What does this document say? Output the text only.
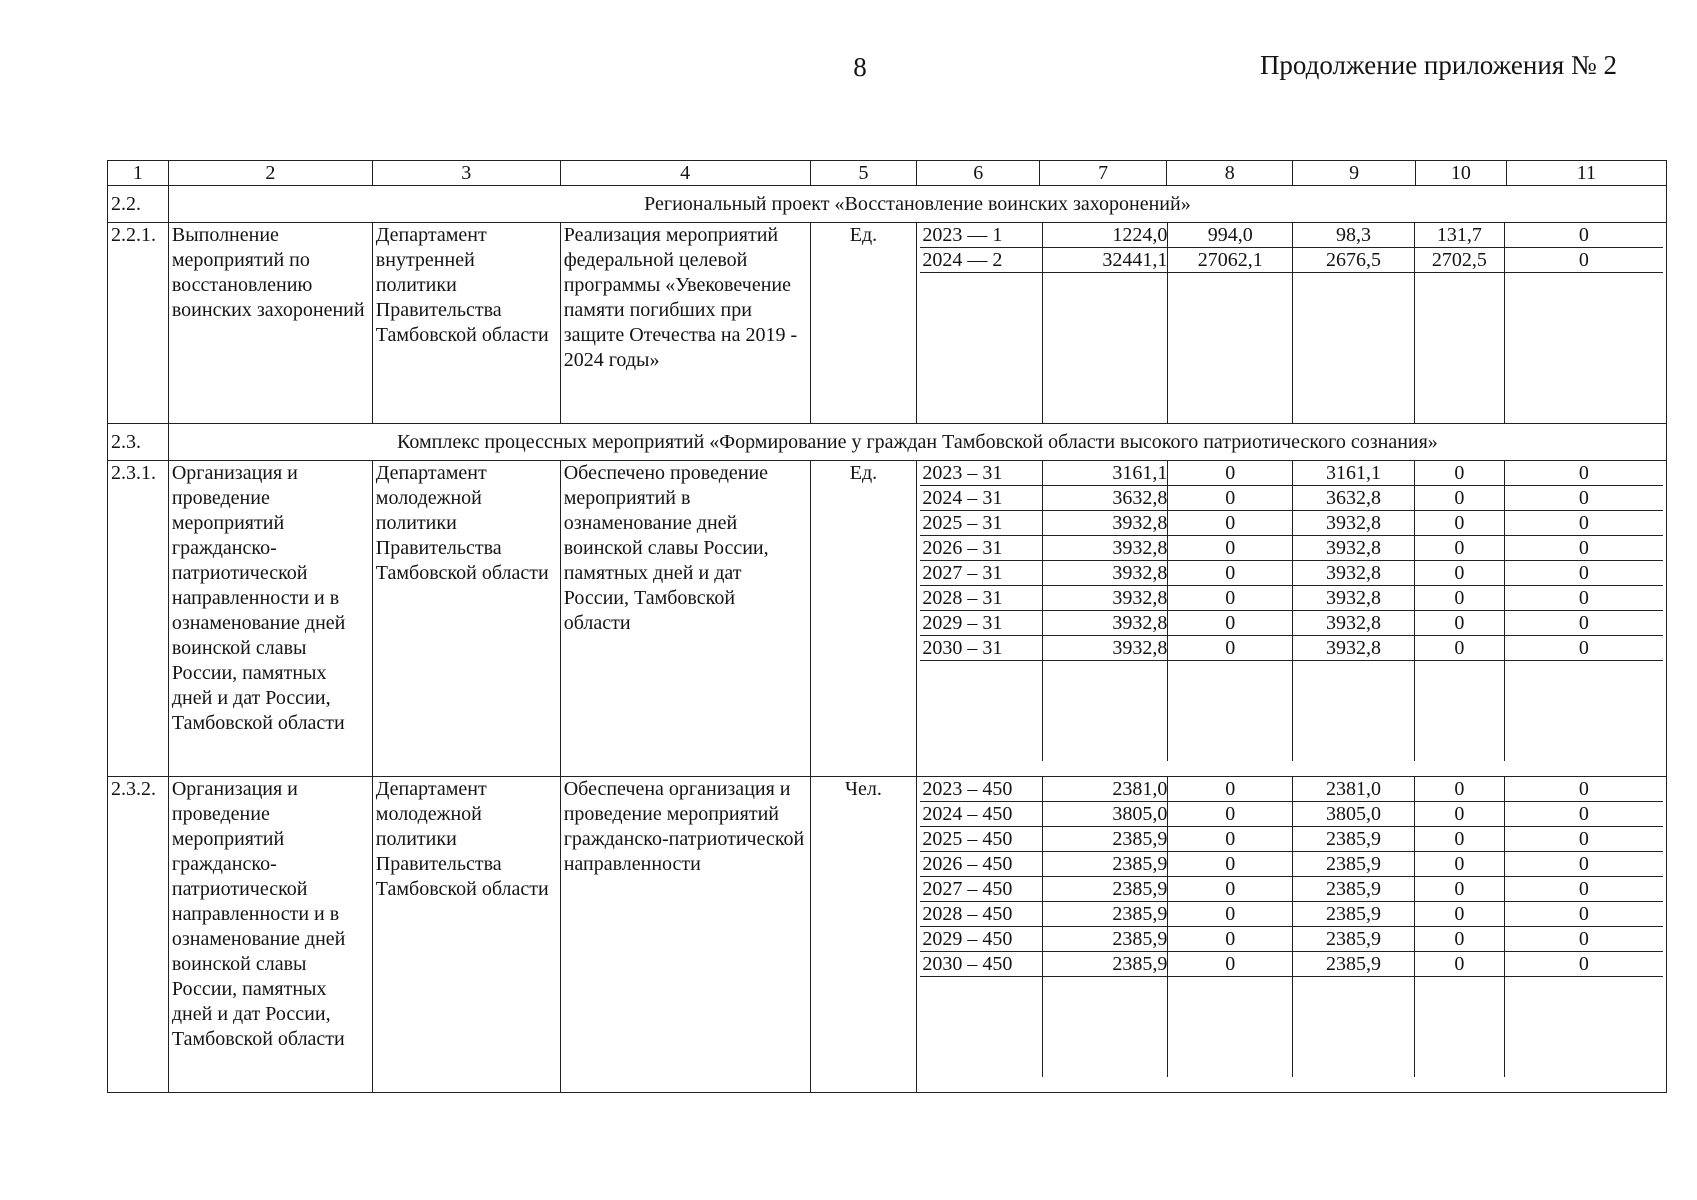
8	Продолжение приложения № 2
1	2	3	4	5	6	7	8	9	10	11
2.2.	Региональный проект «Восстановление воинских захоронений»
2.2.1.	Выполнение мероприятий по восстановлению воинских захоронений	Департамент внутренней политики Правительства Тамбовской области	Реализация мероприятий федеральной целевой программы «Увековечение памяти погибших при защите Отечества на 2019 - 2024 годы»	Ед.	2023 — 1	1224,0	994,0	98,3	131,7	0
2024 — 2	32441,1	27062,1	2676,5	2702,5	0

2.3.	Комплекс процессных мероприятий «Формирование у граждан Тамбовской области высокого патриотического сознания»
2.3.1.	Организация и проведение мероприятий гражданско-патриотической направленности и в ознаменование дней воинской славы России, памятных дней и дат России, Тамбовской области	Департамент молодежной политики Правительства Тамбовской области	Обеспечено проведение мероприятий в ознаменование дней воинской славы России, памятных дней и дат России, Тамбовской области	Ед.	2023 – 31	3161,1	0	3161,1	0	0
2024 – 31	3632,8	0	3632,8	0	0
2025 – 31	3932,8	0	3932,8	0	0
2026 – 31	3932,8	0	3932,8	0	0
2027 – 31	3932,8	0	3932,8	0	0
2028 – 31	3932,8	0	3932,8	0	0
2029 – 31	3932,8	0	3932,8	0	0
2030 – 31	3932,8	0	3932,8	0	0

2.3.2.	Организация и проведение мероприятий гражданско-патриотической направленности и в ознаменование дней воинской славы России, памятных дней и дат России, Тамбовской области	Департамент молодежной политики Правительства Тамбовской области	Обеспечена организация и проведение мероприятий гражданско-патриотической направленности	Чел.	2023 – 450	2381,0	0	2381,0	0	0
2024 – 450	3805,0	0	3805,0	0	0
2025 – 450	2385,9	0	2385,9	0	0
2026 – 450	2385,9	0	2385,9	0	0
2027 – 450	2385,9	0	2385,9	0	0
2028 – 450	2385,9	0	2385,9	0	0
2029 – 450	2385,9	0	2385,9	0	0
2030 – 450	2385,9	0	2385,9	0	0
